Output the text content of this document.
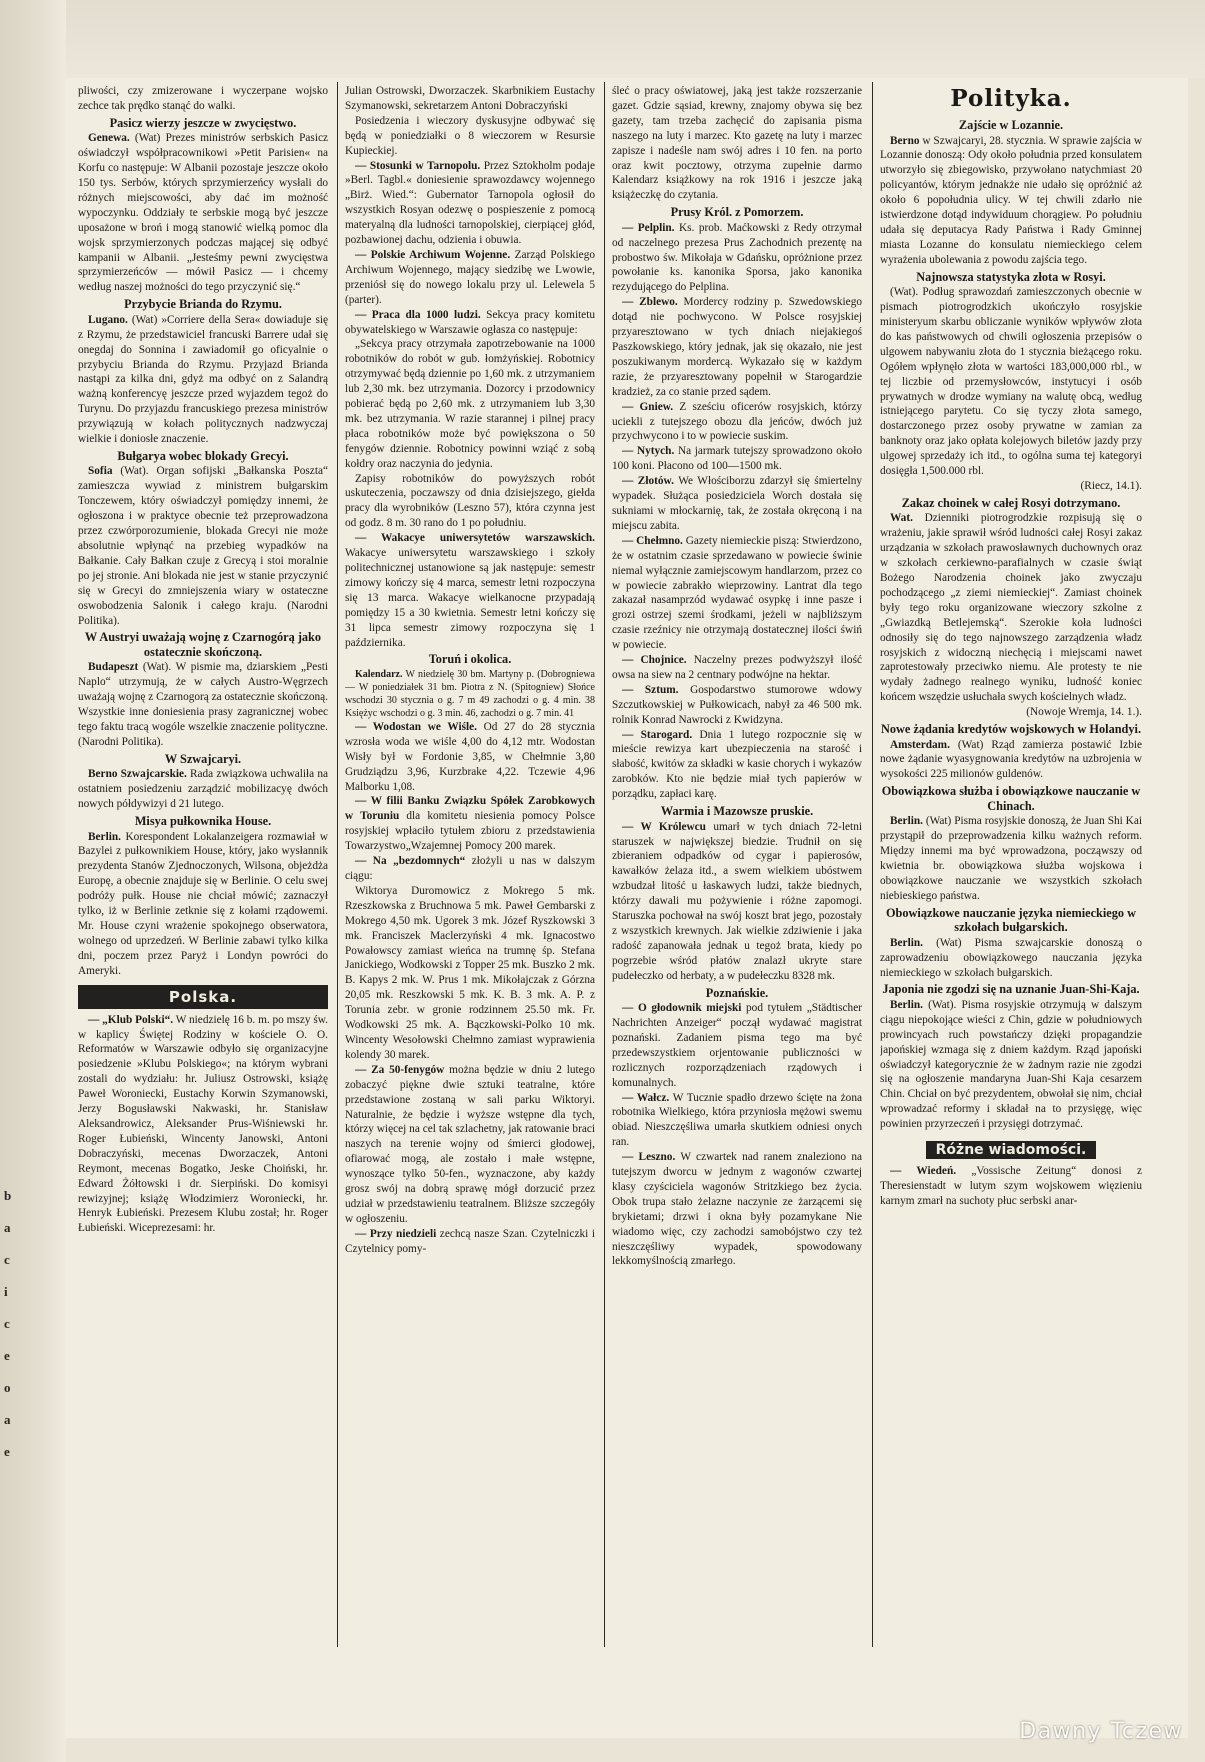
b
a
c
i
c
e
o
a
e

pliwości, czy zmizerowane i wyczerpane wojsko zechce tak prędko stanąć do walki.

Pasicz wierzy jeszcze w zwycięstwo.

Genewa. (Wat) Prezes ministrów serbskich Pasicz oświadczył współpracownikowi »Petit Parisien« na Korfu co następuje: W Albanii pozostaje jeszcze około 150 tys. Serbów, których sprzymierzeńcy wysłali do różnych miejscowości, aby dać im możność wypoczynku. Oddziały te serbskie mogą być jeszcze uposażone w broń i mogą stanowić wielką pomoc dla wojsk sprzymierzonych podczas mającej się odbyć kampanii w Albanii. „Jesteśmy pewni zwycięstwa sprzymierzeńców — mówił Pasicz — i chcemy według naszej możności do tego przyczynić się.“

Przybycie Brianda do Rzymu.

Lugano. (Wat) »Corriere della Sera« dowiaduje się z Rzymu, że przedstawiciel francuski Barrere udał się onegdaj do Sonnina i zawiadomił go oficyalnie o przybyciu Brianda do Rzymu. Przyjazd Brianda nastąpi za kilka dni, gdyż ma odbyć on z Salandrą ważną konferencyę jeszcze przed wyjazdem tegoż do Turynu. Do przyjazdu francuskiego prezesa ministrów przywiązują w kołach politycznych nadzwyczaj wielkie i doniosłe znaczenie.

Bułgarya wobec blokady Grecyi.

Sofia (Wat). Organ sofijski „Bałkanska Poszta“ zamieszcza wywiad z ministrem bułgarskim Tonczewem, który oświadczył pomiędzy innemi, że ogłoszona i w praktyce obecnie też przeprowadzona przez czwórporozumienie, blokada Grecyi nie może absolutnie wpłynąć na przebieg wypadków na Bałkanie. Cały Bałkan czuje z Grecyą i stoi moralnie po jej stronie. Ani blokada nie jest w stanie przyczynić się w Grecyi do zmniejszenia wiary w ostateczne oswobodzenia Salonik i całego kraju. (Narodni Politika).

W Austryi uważają wojnę z Czarnogórą jako ostatecznie skończoną.

Budapeszt (Wat). W pismie ma, dziarskiem „Pesti Naplo“ utrzymują, że w całych Austro-Węgrzech uważają wojnę z Czarnogorą za ostatecznie skończoną. Wszystkie inne doniesienia prasy zagranicznej wobec tego faktu tracą wogóle wszelkie znaczenie polityczne. (Narodni Politika).

W Szwajcaryi.

Berno Szwajcarskie. Rada związkowa uchwaliła na ostatniem posiedzeniu zarządzić mobilizacyę dwóch nowych półdywizyi d 21 lutego.

Misya pułkownika House.

Berlin. Korespondent Lokalanzeigera rozmawiał w Bazylei z pułkownikiem House, który, jako wysłannik prezydenta Stanów Zjednoczonych, Wilsona, objeżdża Europę, a obecnie znajduje się w Berlinie. O celu swej podróży pułk. House nie chciał mówić; zaznaczył tylko, iż w Berlinie zetknie się z kołami rządowemi. Mr. House czyni wrażenie spokojnego obserwatora, wolnego od uprzedzeń. W Berlinie zabawi tylko kilka dni, poczem przez Paryż i Londyn powróci do Ameryki.

Polska.

— „Klub Polski“. W niedzielę 16 b. m. po mszy św. w kaplicy Świętej Rodziny w kościele O. O. Reformatów w Warszawie odbyło się organizacyjne posiedzenie »Klubu Polskiego«; na którym wybrani zostali do wydziału: hr. Juliusz Ostrowski, książę Paweł Woroniecki, Eustachy Korwin Szymanowski, Jerzy Bogusławski Nakwaski, hr. Stanisław Aleksandrowicz, Aleksander Prus-Wiśniewski hr. Roger Łubieński, Wincenty Janowski, Antoni Dobraczyński, mecenas Dworzaczek, Antoni Reymont, mecenas Bogatko, Jeske Choiński, hr. Edward Żółtowski i dr. Sierpiński. Do komisyi rewizyjnej; książę Włodzimierz Woroniecki, hr. Henryk Łubieński. Prezesem Klubu został; hr. Roger Łubieński. Wiceprezesami: hr.

Julian Ostrowski, Dworzaczek. Skarbnikiem Eustachy Szymanowski, sekretarzem Antoni Dobraczyński

Posiedzenia i wieczory dyskusyjne odbywać się będą w poniedziałki o 8 wieczorem w Resursie Kupieckiej.

— Stosunki w Tarnopolu. Przez Sztokholm podaje »Berl. Tagbl.« doniesienie sprawozdawcy wojennego „Birż. Wied.“: Gubernator Tarnopola ogłosił do wszystkich Rosyan odezwę o pospieszenie z pomocą materyalną dla ludności tarnopolskiej, cierpiącej głód, pozbawionej dachu, odzienia i obuwia.

— Polskie Archiwum Wojenne. Zarząd Polskiego Archiwum Wojennego, mający siedzibę we Lwowie, przeniósł się do nowego lokalu przy ul. Lelewela 5 (parter).

— Praca dla 1000 ludzi. Sekcya pracy komitetu obywatelskiego w Warszawie ogłasza co następuje:

„Sekcya pracy otrzymała zapotrzebowanie na 1000 robotników do robót w gub. łomżyńskiej. Robotnicy otrzymywać będą dziennie po 1,60 mk. z utrzymaniem lub 2,30 mk. bez utrzymania. Dozorcy i przodownicy pobierać będą po 2,60 mk. z utrzymaniem lub 3,30 mk. bez utrzymania. W razie starannej i pilnej pracy płaca robotników może być powiększona o 50 fenygów dziennie. Robotnicy powinni wziąć z sobą kołdry oraz naczynia do jedynia.

Zapisy robotników do powyższych robót uskuteczenia, poczawszy od dnia dzisiejszego, giełda pracy dla wyrobników (Leszno 57), która czynna jest od godz. 8 m. 30 rano do 1 po południu.

— Wakacye uniwersytetów warszawskich. Wakacye uniwersytetu warszawskiego i szkoły politechnicznej ustanowione są jak następuje: semestr zimowy kończy się 4 marca, semestr letni rozpoczyna się 13 marca. Wakacye wielkanocne przypadają pomiędzy 15 a 30 kwietnia. Semestr letni kończy się 31 lipca semestr zimowy rozpoczyna się 1 października.

Toruń i okolica.

Kalendarz. W niedzielę 30 bm. Martyny p. (Dobrogniewa — W poniedziałek 31 bm. Piotra z N. (Spitogniew) Słońce wschodzi 30 stycznia o g. 7 m 49 zachodzi o g. 4 min. 38 Księżyc wschodzi o g. 3 min. 46, zachodzi o g. 7 min. 41

— Wodostan we Wiśle. Od 27 do 28 stycznia wzrosła woda we wiśle 4,00 do 4,12 mtr. Wodostan Wisły był w Fordonie 3,85, w Chełmnie 3,80 Grudziądzu 3,96, Kurzbrake 4,22. Tczewie 4,96 Malborku 1,08.

— W filii Banku Związku Spółek Zarobkowych w Toruniu dla komitetu niesienia pomocy Polsce rosyjskiej wpłaciło tytułem zbioru z przedstawienia Towarzystwo„Wzajemnej Pomocy 200 marek.

— Na „bezdomnych“ złożyli u nas w dalszym ciągu:

Wiktorya Duromowicz z Mokrego 5 mk. Rzeszkowska z Bruchnowa 5 mk. Paweł Gembarski z Mokrego 4,50 mk. Ugorek 3 mk. Józef Ryszkowski 3 mk. Franciszek Maclerzyński 4 mk. Ignacostwo Powałowscy zamiast wieńca na trumnę śp. Stefana Janickiego, Wodkowski z Topper 25 mk. Buszko 2 mk. B. Kapys 2 mk. W. Prus 1 mk. Mikołajczak z Górzna 20,05 mk. Reszkowski 5 mk. K. B. 3 mk. A. P. z Torunia zebr. w gronie rodzinnem 25.50 mk. Fr. Wodkowski 25 mk. A. Bączkowski-Polko 10 mk. Wincenty Wesołowski Chełmno zamiast wyprawienia kolendy 30 marek.

— Za 50-fenygów można będzie w dniu 2 lutego zobaczyć piękne dwie sztuki teatralne, które przedstawione zostaną w sali parku Wiktoryi. Naturalnie, że będzie i wyższe wstępne dla tych, którzy więcej na cel tak szlachetny, jak ratowanie braci naszych na terenie wojny od śmierci głodowej, ofiarować mogą, ale zostało i małe wstępne, wynoszące tylko 50-fen., wyznaczone, aby każdy grosz swój na dobrą sprawę mógł dorzucić przez udział w przedstawieniu teatralnem. Bliższe szczegóły w ogłoszeniu.

— Przy niedzieli zechcą nasze Szan. Czytelniczki i Czytelnicy pomy-

śleć o pracy oświatowej, jaką jest także rozszerzanie gazet. Gdzie sąsiad, krewny, znajomy obywa się bez gazety, tam trzeba zachęcić do zapisania pisma naszego na luty i marzec. Kto gazetę na luty i marzec zapisze i nadeśle nam swój adres i 10 fen. na porto oraz kwit pocztowy, otrzyma zupełnie darmo Kalendarz książkowy na rok 1916 i jeszcze jaką książeczkę do czytania.

Prusy Król. z Pomorzem.

— Pelplin. Ks. prob. Maćkowski z Redy otrzymał od naczelnego prezesa Prus Zachodnich prezentę na probostwo św. Mikołaja w Gdańsku, opróżnione przez powołanie ks. kanonika Sporsa, jako kanonika rezydującego do Pelplina.

— Zblewo. Mordercy rodziny p. Szwedowskiego dotąd nie pochwycono. W Polsce rosyjskiej przyaresztowano w tych dniach niejakiegoś Paszkowskiego, który jednak, jak się okazało, nie jest poszukiwanym mordercą. Wykazało się w każdym razie, że przyaresztowany popełnił w Starogardzie kradzież, za co stanie przed sądem.

— Gniew. Z sześciu oficerów rosyjskich, którzy uciekli z tutejszego obozu dla jeńców, dwóch już przychwycono i to w powiecie suskim.

— Nytych. Na jarmark tutejszy sprowadzono około 100 koni. Płacono od 100—1500 mk.

— Złotów. We Włościborzu zdarzył się śmiertelny wypadek. Służąca posiedziciela Worch dostała się sukniami w młockarnię, tak, że została okręconą i na miejscu zabita.

— Chełmno. Gazety niemieckie piszą: Stwierdzono, że w ostatnim czasie sprzedawano w powiecie świnie niemal wyłącznie zamiejscowym handlarzom, przez co w powiecie zabrakło wieprzowiny. Lantrat dla tego zakazał nasamprzód wydawać osypkę i inne pasze i grozi ostrzej szemi środkami, jeżeli w najbliższym czasie rzeźnicy nie otrzymają dostatecznej ilości świń w powiecie.

— Chojnice. Naczelny prezes podwyższył ilość owsa na siew na 2 centnary podwójne na hektar.

— Sztum. Gospodarstwo stumorowe wdowy Szczutkowskiej w Pułkowicach, nabył za 46 500 mk. rolnik Konrad Nawrocki z Kwidzyna.

— Starogard. Dnia 1 lutego rozpocznie się w mieście rewizya kart ubezpieczenia na starość i słabość, kwitów za składki w kasie chorych i wykazów zarobków. Kto nie będzie miał tych papierów w porządku, zapłaci karę.

Warmia i Mazowsze pruskie.

— W Królewcu umarł w tych dniach 72-letni staruszek w największej biedzie. Trudnił on się zbieraniem odpadków od cygar i papierosów, kawałków żelaza itd., a swem wielkiem ubóstwem wzbudzał litość u łaskawych ludzi, także biednych, którzy dawali mu pożywienie i różne zapomogi. Staruszka pochował na swój koszt brat jego, pozostały z wszystkich krewnych. Jak wielkie zdziwienie i jaka radość zapanowała jednak u tegoż brata, kiedy po pogrzebie wśród płatów znalazł ukryte stare pudełeczko od herbaty, a w pudełeczku 8328 mk.

Poznańskie.

— O głodownik miejski pod tytułem „Städtischer Nachrichten Anzeiger“ począł wydawać magistrat poznański. Zadaniem pisma tego ma być przedewszystkiem orjentowanie publiczności w rozlicznych rozporządzeniach rządowych i komunalnych.

— Wałcz. W Tucznie spadło drzewo ścięte na żona robotnika Wielkiego, która przyniosła mężowi swemu obiad. Nieszczęśliwa umarła skutkiem odniesi onych ran.

— Leszno. W czwartek nad ranem znaleziono na tutejszym dworcu w jednym z wagonów czwartej klasy czyściciela wagonów Stritzkiego bez życia. Obok trupa stało żelazne naczynie ze żarzącemi się brykietami; drzwi i okna były pozamykane Nie wiadomo więc, czy zachodzi samobójstwo czy też nieszczęśliwy wypadek, spowodowany lekkomyślnością zmarłego.

Polityka.
Zajście w Lozannie.

Berno w Szwajcaryi, 28. stycznia. W sprawie zajścia w Lozannie donoszą: Ody około południa przed konsulatem utworzyło się zbiegowisko, przywołano natychmiast 20 policyantów, którym jednakże nie udało się opróżnić aż około 6 popołudnia ulicy. W tej chwili zdarło nie istwierdzone dotąd indywiduum chorągiew. Po południu udała się deputacya Rady Państwa i Rady Gminnej miasta Lozanne do konsulatu niemieckiego celem wyrażenia ubolewania z powodu zajścia tego.

Najnowsza statystyka złota w Rosyi.

(Wat). Podług sprawozdań zamieszczonych obecnie w pismach piotrogrodzkich ukończyło rosyjskie ministeryum skarbu obliczanie wyników wpływów złota do kas państwowych od chwili ogłoszenia przepisów o ulgowem nabywaniu złota do 1 stycznia bieżącego roku. Ogółem wpłynęło złota w wartości 183,000,000 rbl., w tej liczbie od przemysłowców, instytucyi i osób prywatnych w drodze wymiany na walutę obcą, według istniejącego parytetu. Co się tyczy złota samego, dostarczonego przez osoby prywatne w zamian za banknoty oraz jako opłata kolejowych biletów jazdy przy ulgowej sprzedaży ich itd., to ogólna suma tej kategoryi dosięgła 1,500.000 rbl.

(Riecz, 14.1).

Zakaz choinek w całej Rosyi dotrzymano.

Wat. Dzienniki piotrogrodzkie rozpisują się o wrażeniu, jakie sprawił wśród ludności całej Rosyi zakaz urządzania w szkołach prawosławnych duchownych oraz w szkołach cerkiewno-parafialnych w czasie świąt Bożego Narodzenia choinek jako zwyczaju pochodzącego „z ziemi niemieckiej“. Zamiast choinek były tego roku organizowane wieczory szkolne z „Gwiazdką Betlejemską“. Szerokie koła ludności odnosiły się do tego najnowszego zarządzenia władz rosyjskich z widoczną niechęcią i miejscami nawet zaprotestowały przeciwko niemu. Ale protesty te nie wydały żadnego realnego wyniku, ludność koniec końcem wszędzie usłuchała swych kościelnych władz.

(Nowoje Wremja, 14. 1.).

Nowe żądania kredytów wojskowych w Holandyi.

Amsterdam. (Wat) Rząd zamierza postawić Izbie nowe żądanie wyasygnowania kredytów na uzbrojenia w wysokości 225 milionów guldenów.

Obowiązkowa służba i obowiązkowe nauczanie w Chinach.

Berlin. (Wat) Pisma rosyjskie donoszą, że Juan Shi Kai przystąpił do przeprowadzenia kilku ważnych reform. Między innemi ma być wprowadzona, począwszy od kwietnia br. obowiązkowa służba wojskowa i obowiązkowe nauczanie we wszystkich szkołach niebieskiego państwa.

Obowiązkowe nauczanie języka niemieckiego w szkołach bułgarskich.

Berlin. (Wat) Pisma szwajcarskie donoszą o zaprowadzeniu obowiązkowego nauczania języka niemieckiego w szkołach bułgarskich.

Japonia nie zgodzi się na uznanie Juan-Shi-Kaja.

Berlin. (Wat). Pisma rosyjskie otrzymują w dalszym ciągu niepokojące wieści z Chin, gdzie w południowych prowincyach ruch powstańczy dzięki propagandzie japońskiej wzmaga się z dniem każdym. Rząd japoński oświadczył kategorycznie że w żadnym razie nie zgodzi się na ogłoszenie mandaryna Juan-Shi Kaja cesarzem Chin. Chciał on być prezydentem, obwołał się nim, chciał wprowadzać reformy i składał na to przysięgę, więc powinien przyrzeczeń i przysięgi dotrzymać.

Różne wiadomości.

— Wiedeń. „Vossische Zeitung“ donosi z Theresienstadt w lutym szym wojskowem więzieniu karnym zmarł na suchoty płuc serbski anar-

Dawny Tczew
